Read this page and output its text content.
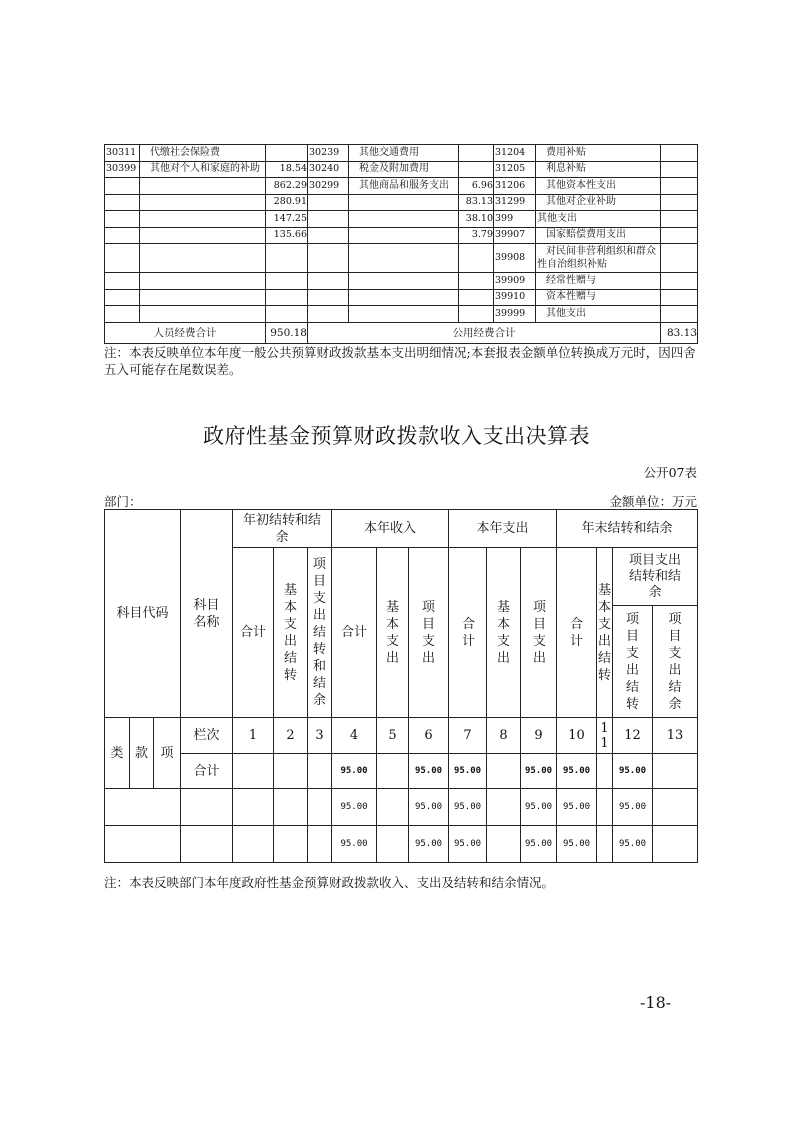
30311	代缴社会保险费		30239	其他交通费用		31204	费用补贴	
30399	其他对个人和家庭的补助	18.54	30240	税金及附加费用		31205	利息补贴	
		862.29	30299	其他商品和服务支出	6.96	31206	其他资本性支出	
		280.91			83.13	31299	其他对企业补助	
		147.25			38.10	399	其他支出	
		135.66			3.79	39907	国家赔偿费用支出	
						39908	对民间非营利组织和群众性自治组织补贴	
						39909	经常性赠与	
						39910	资本性赠与	
						39999	其他支出	
人员经费合计		950.18	公用经费合计					83.13
注：本表反映单位本年度一般公共预算财政拨款基本支出明细情况;本套报表金额单位转换成万元时，因四舍五入可能存在尾数误差。
政府性基金预算财政拨款收入支出决算表
公开07表
部门：	金额单位：万元
科目代码			科目名称	年初结转和结余			本年收入			本年支出			年末结转和结余			
				合计	基本支出结转	项目支出结转和结余	合计	基本支出	项目支出	合计	基本支出	项目支出	合计	基本支出结转	项目支出结转和结余	
															项目支出结转	项目支出结余
类	款	项	栏次	1	2	3	4	5	6	7	8	9	10	11	12	13
			合计				95.00		95.00	95.00		95.00	95.00		95.00	
							95.00		95.00	95.00		95.00	95.00		95.00	
							95.00		95.00	95.00		95.00	95.00		95.00	
注：本表反映部门本年度政府性基金预算财政拨款收入、支出及结转和结余情况。
-18-
